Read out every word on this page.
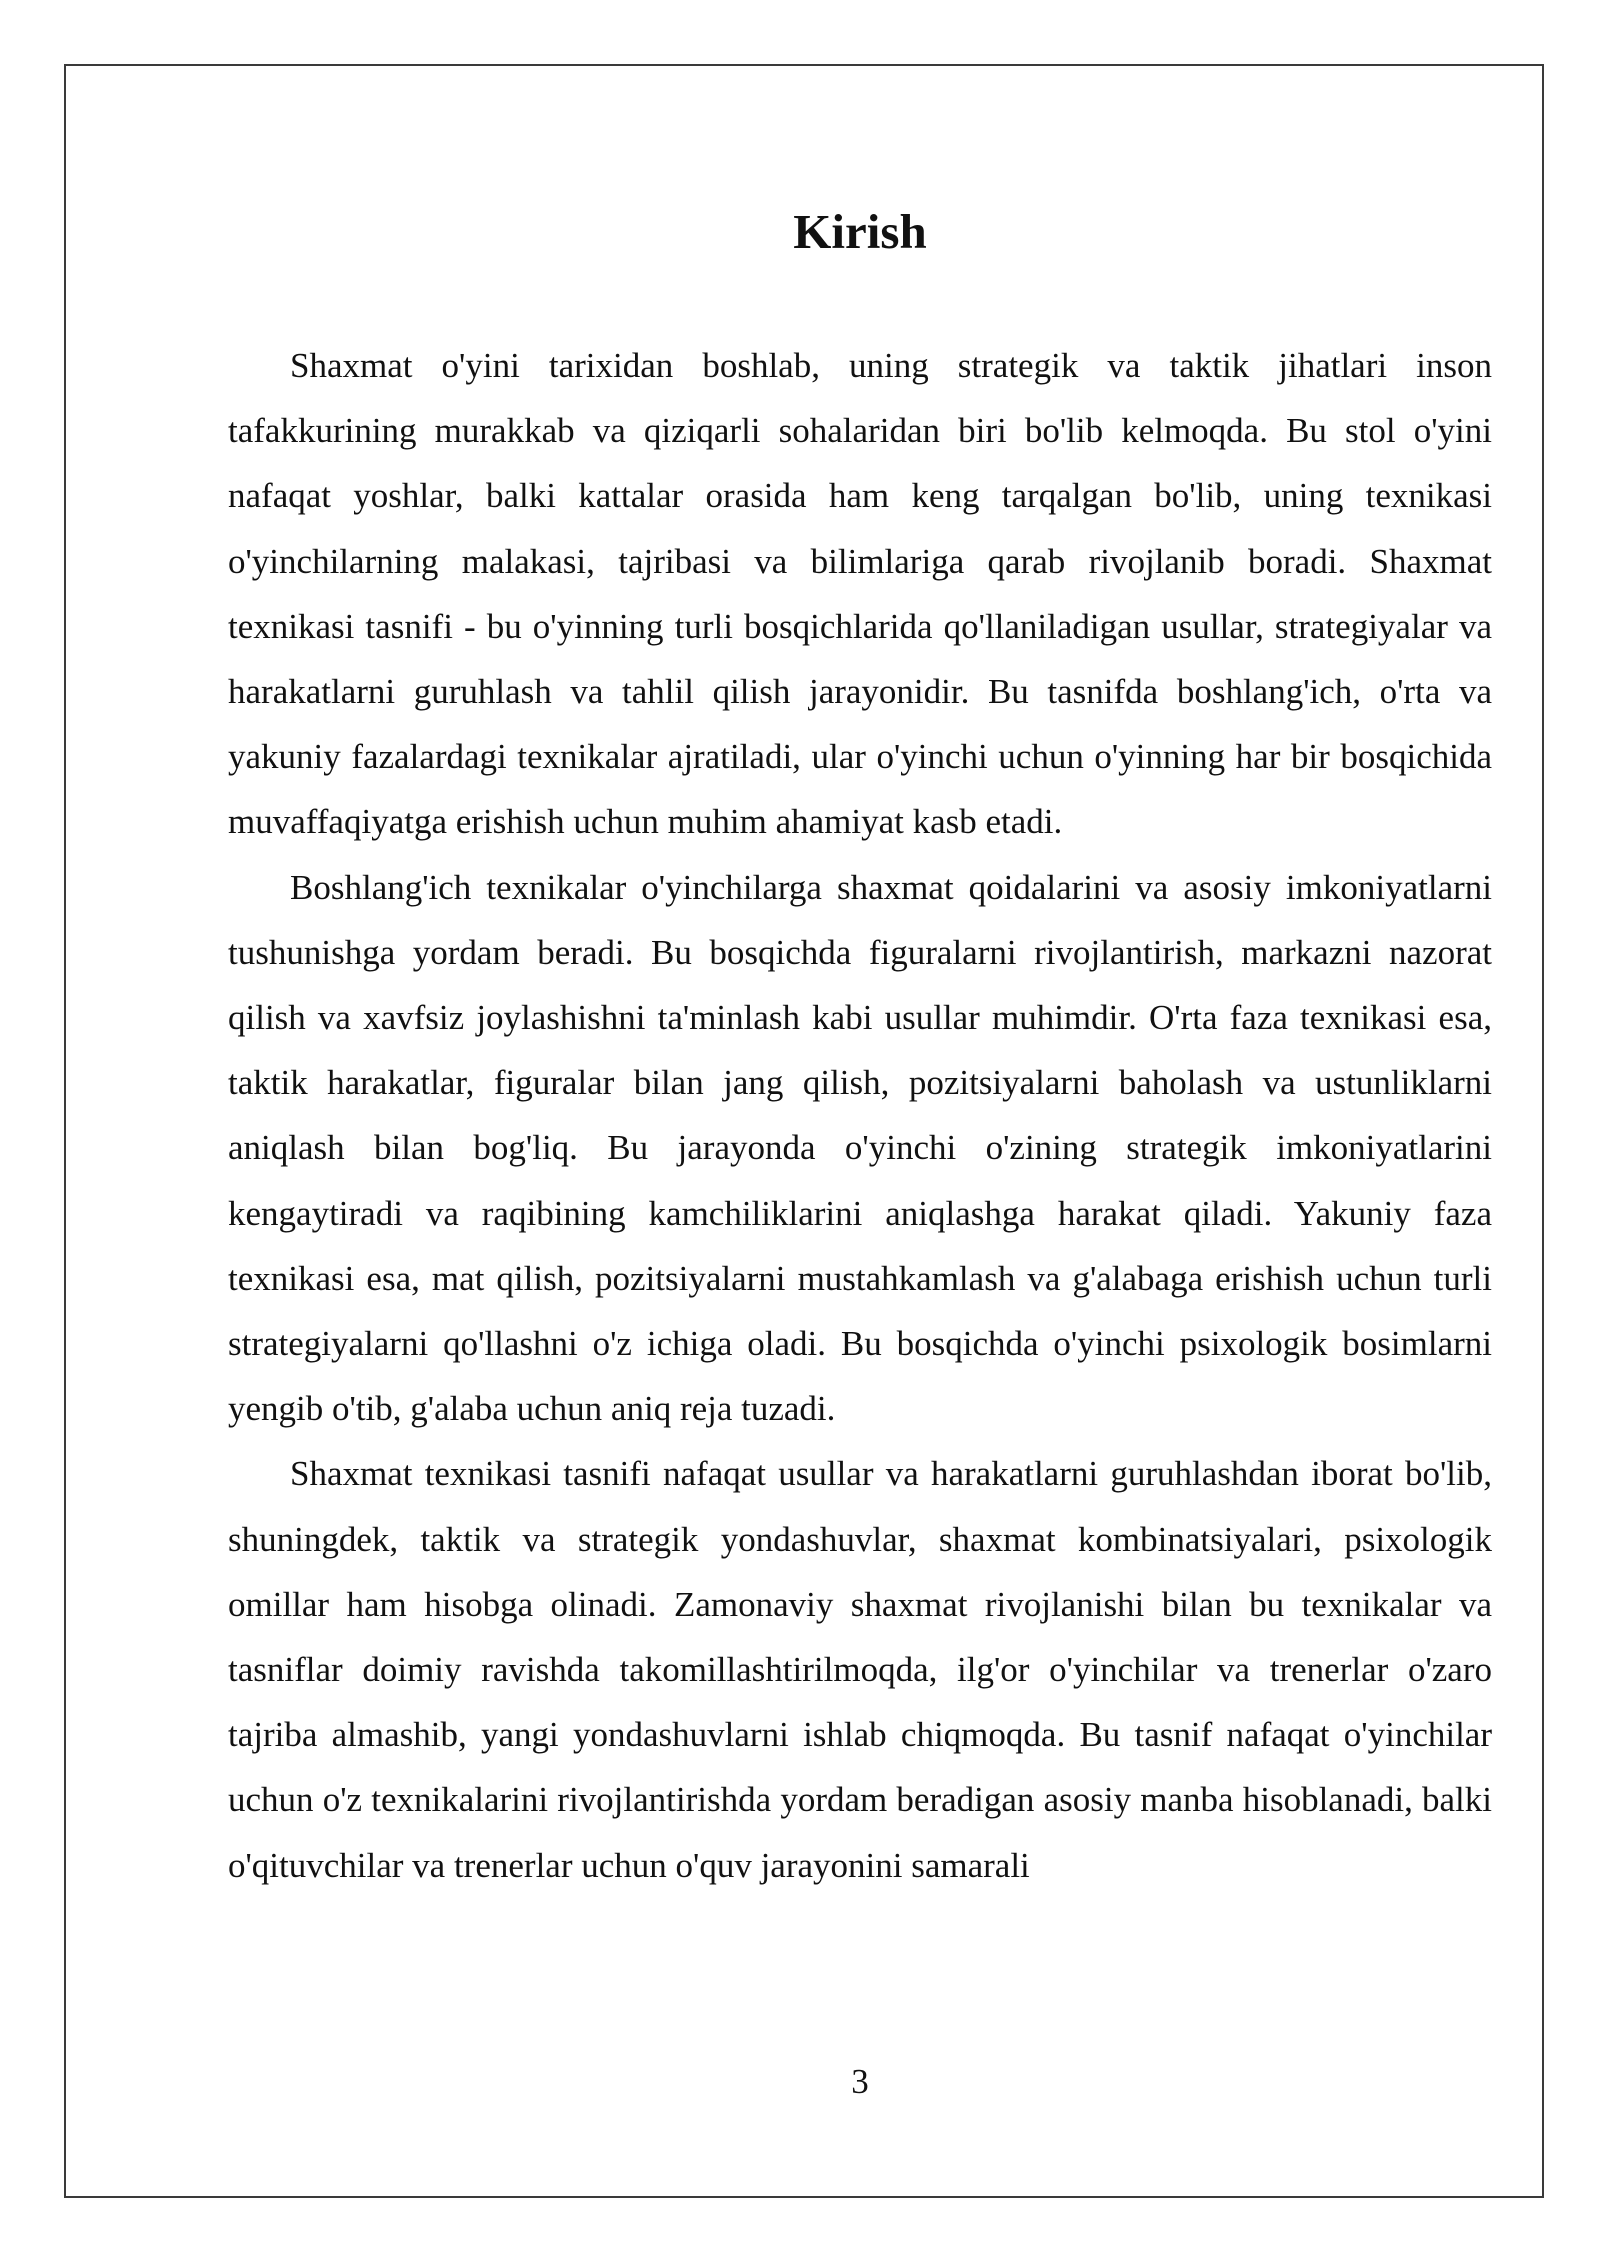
Kirish

Shaxmat o'yini tarixidan boshlab, uning strategik va taktik jihatlari inson tafakkurining murakkab va qiziqarli sohalaridan biri bo'lib kelmoqda. Bu stol o'yini nafaqat yoshlar, balki kattalar orasida ham keng tarqalgan bo'lib, uning texnikasi o'yinchilarning malakasi, tajribasi va bilimlariga qarab rivojlanib boradi. Shaxmat texnikasi tasnifi - bu o'yinning turli bosqichlarida qo'llaniladigan usullar, strategiyalar va harakatlarni guruhlash va tahlil qilish jarayonidir. Bu tasnifda boshlang'ich, o'rta va yakuniy fazalardagi texnikalar ajratiladi, ular o'yinchi uchun o'yinning har bir bosqichida muvaffaqiyatga erishish uchun muhim ahamiyat kasb etadi.

Boshlang'ich texnikalar o'yinchilarga shaxmat qoidalarini va asosiy imkoniyatlarni tushunishga yordam beradi. Bu bosqichda figuralarni rivojlantirish, markazni nazorat qilish va xavfsiz joylashishni ta'minlash kabi usullar muhimdir. O'rta faza texnikasi esa, taktik harakatlar, figuralar bilan jang qilish, pozitsiyalarni baholash va ustunliklarni aniqlash bilan bog'liq. Bu jarayonda o'yinchi o'zining strategik imkoniyatlarini kengaytiradi va raqibining kamchiliklarini aniqlashga harakat qiladi. Yakuniy faza texnikasi esa, mat qilish, pozitsiyalarni mustahkamlash va g'alabaga erishish uchun turli strategiyalarni qo'llashni o'z ichiga oladi. Bu bosqichda o'yinchi psixologik bosimlarni yengib o'tib, g'alaba uchun aniq reja tuzadi.

Shaxmat texnikasi tasnifi nafaqat usullar va harakatlarni guruhlashdan iborat bo'lib, shuningdek, taktik va strategik yondashuvlar, shaxmat kombinatsiyalari, psixologik omillar ham hisobga olinadi. Zamonaviy shaxmat rivojlanishi bilan bu texnikalar va tasniflar doimiy ravishda takomillashtirilmoqda, ilg'or o'yinchilar va trenerlar o'zaro tajriba almashib, yangi yondashuvlarni ishlab chiqmoqda. Bu tasnif nafaqat o'yinchilar uchun o'z texnikalarini rivojlantirishda yordam beradigan asosiy manba hisoblanadi, balki o'qituvchilar va trenerlar uchun o'quv jarayonini samarali

3
